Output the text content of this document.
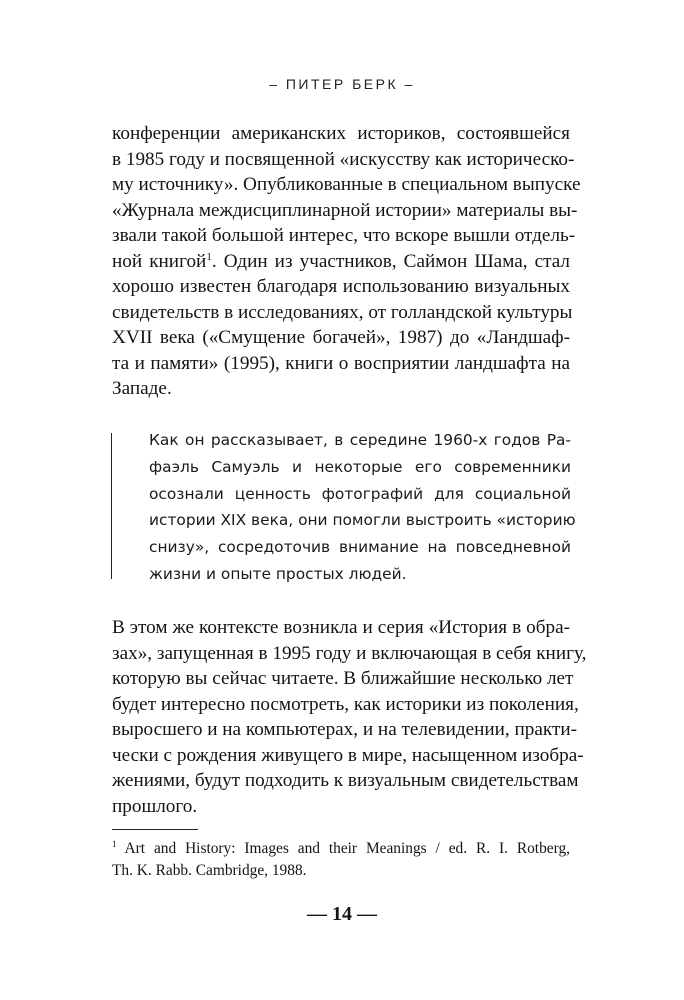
– ПИТЕР БЕРК –

конференции американских историков, состоявшейся
в 1985 году и посвященной «искусству как историческо-
му источнику». Опубликованные в специальном выпуске
«Журнала междисциплинарной истории» материалы вы-
звали такой большой интерес, что вскоре вышли отдель-
ной книгой$^1$. Один из участников, Саймон Шама, стал
хорошо известен благодаря использованию визуальных
свидетельств в исследованиях, от голландской культуры
XVII века («Смущение богачей», 1987) до «Ландшаф-
та и памяти» (1995), книги о восприятии ландшафта на
Западе.

Как он рассказывает, в середине 1960-х годов Ра-
фаэль Самуэль и некоторые его современники
осознали ценность фотографий для социальной
истории XIX века, они помогли выстроить «историю
снизу», сосредоточив внимание на повседневной
жизни и опыте простых людей.

В этом же контексте возникла и серия «История в обра-
зах», запущенная в 1995 году и включающая в себя книгу,
которую вы сейчас читаете. В ближайшие несколько лет
будет интересно посмотреть, как историки из поколения,
выросшего и на компьютерах, и на телевидении, практи-
чески с рождения живущего в мире, насыщенном изобра-
жениями, будут подходить к визуальным свидетельствам
прошлого.

$^1$ Art and History: Images and their Meanings / ed. R. I. Rotberg,
Th. K. Rabb. Cambridge, 1988.

— 14 —
